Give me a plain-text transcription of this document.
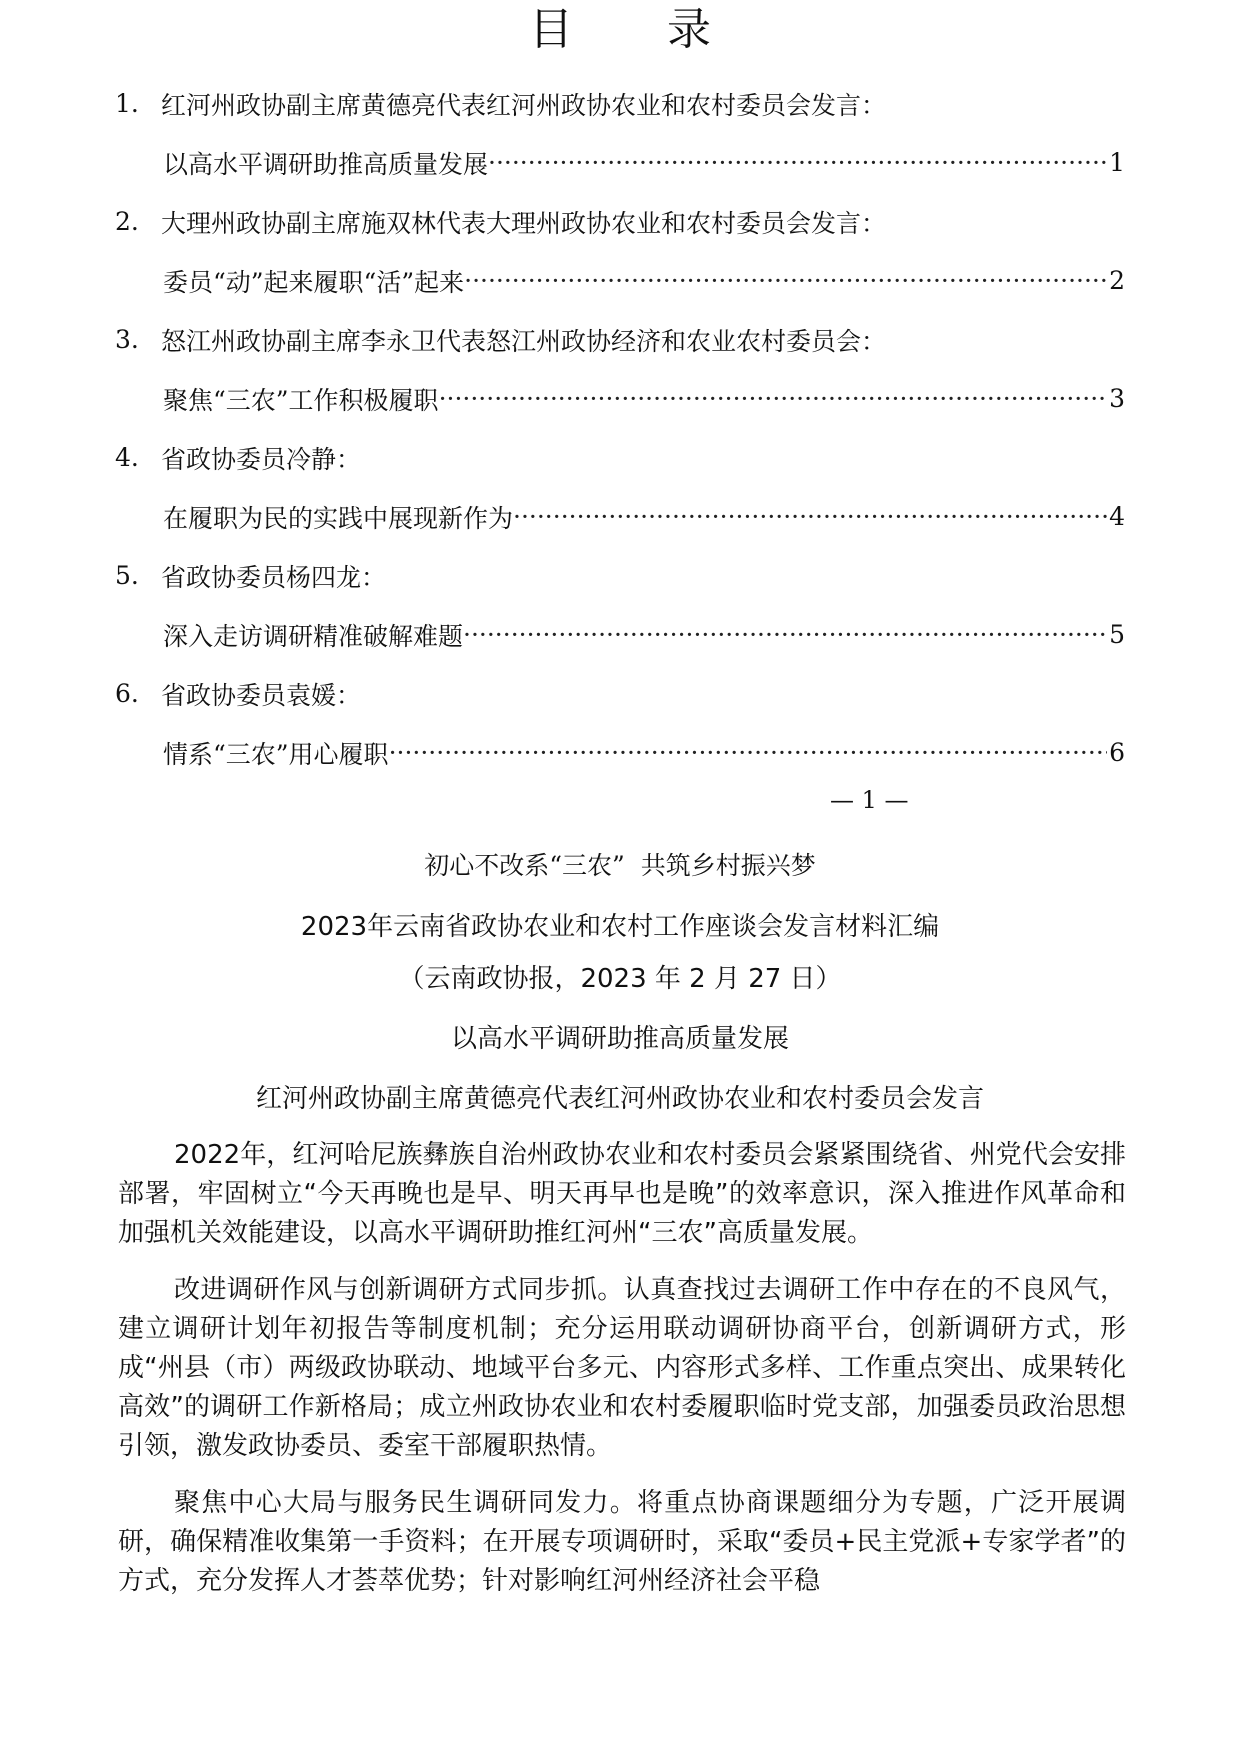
目 录
1. 红河州政协副主席黄德亮代表红河州政协农业和农村委员会发言：
以高水平调研助推高质量发展 ·····	1
2. 大理州政协副主席施双林代表大理州政协农业和农村委员会发言：
委员“动”起来履职“活”起来 ·····	2
3. 怒江州政协副主席李永卫代表怒江州政协经济和农业农村委员会：
聚焦“三农”工作积极履职 ·····	3
4. 省政协委员冷静：
在履职为民的实践中展现新作为 ·····	4
5. 省政协委员杨四龙：
深入走访调研精准破解难题 ·····	5
6. 省政协委员袁媛：
情系“三农”用心履职 ·····	6
— 1 —
初心不改系“三农”  共筑乡村振兴梦
2023年云南省政协农业和农村工作座谈会发言材料汇编
（云南政协报，2023 年 2 月 27 日）
以高水平调研助推高质量发展
红河州政协副主席黄德亮代表红河州政协农业和农村委员会发言

2022年，红河哈尼族彝族自治州政协农业和农村委员会紧紧围绕省、州党代会安排部署，牢固树立“今天再晚也是早、明天再早也是晚”的效率意识，深入推进作风革命和加强机关效能建设，以高水平调研助推红河州“三农”高质量发展。

改进调研作风与创新调研方式同步抓。认真查找过去调研工作中存在的不良风气，建立调研计划年初报告等制度机制；充分运用联动调研协商平台，创新调研方式，形成“州县（市）两级政协联动、地域平台多元、内容形式多样、工作重点突出、成果转化高效”的调研工作新格局；成立州政协农业和农村委履职临时党支部，加强委员政治思想引领，激发政协委员、委室干部履职热情。

聚焦中心大局与服务民生调研同发力。将重点协商课题细分为专题，广泛开展调研，确保精准收集第一手资料；在开展专项调研时，采取“委员+民主党派+专家学者”的方式，充分发挥人才荟萃优势；针对影响红河州经济社会平稳
